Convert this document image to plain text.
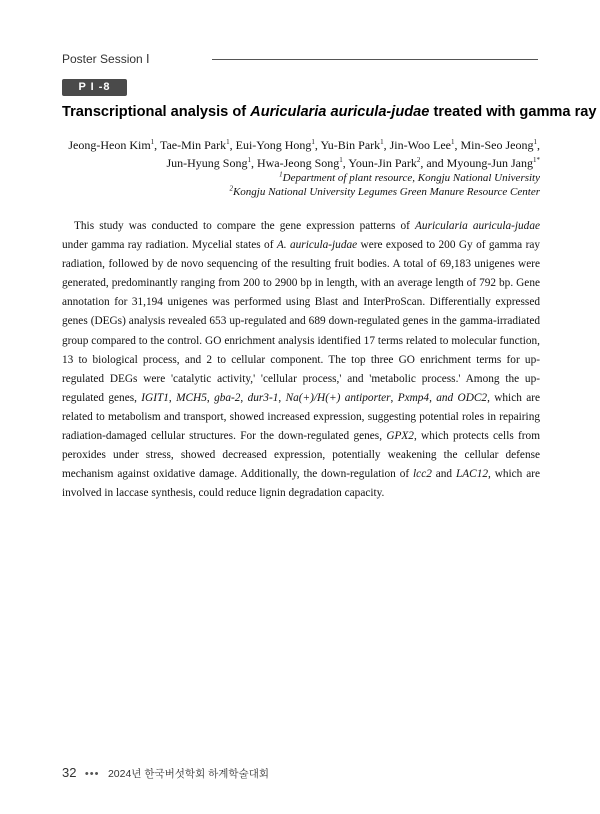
Poster Session Ⅰ
P I -8
Transcriptional analysis of Auricularia auricula-judae treated with gamma ray
Jeong-Heon Kim$^1$, Tae-Min Park$^1$, Eui-Yong Hong$^1$, Yu-Bin Park$^1$, Jin-Woo Lee$^1$, Min-Seo Jeong$^1$,
Jun-Hyung Song$^1$, Hwa-Jeong Song$^1$, Youn-Jin Park$^2$, and Myoung-Jun Jang$^{1*}$
$^1$Department of plant resource, Kongju National University
$^2$Kongju National University Legumes Green Manure Resource Center

This study was conducted to compare the gene expression patterns of Auricularia auricula-judae under gamma ray radiation. Mycelial states of A. auricula-judae were exposed to 200 Gy of gamma ray radiation, followed by de novo sequencing of the resulting fruit bodies. A total of 69,183 unigenes were generated, predominantly ranging from 200 to 2900 bp in length, with an average length of 792 bp. Gene annotation for 31,194 unigenes was performed using Blast and InterProScan. Differentially expressed genes (DEGs) analysis revealed 653 up-regulated and 689 down-regulated genes in the gamma-irradiated group compared to the control. GO enrichment analysis identified 17 terms related to molecular function, 13 to biological process, and 2 to cellular component. The top three GO enrichment terms for up-regulated DEGs were 'catalytic activity,' 'cellular process,' and 'metabolic process.' Among the up-regulated genes, IGIT1, MCH5, gba-2, dur3-1, Na(+)/H(+) antiporter, Pxmp4, and ODC2, which are related to metabolism and transport, showed increased expression, suggesting potential roles in repairing radiation-damaged cellular structures. For the down-regulated genes, GPX2, which protects cells from peroxides under stress, showed decreased expression, potentially weakening the cellular defense mechanism against oxidative damage. Additionally, the down-regulation of lcc2 and LAC12, which are involved in laccase synthesis, could reduce lignin degradation capacity.

32 ••• 2024년 한국버섯학회 하계학술대회
